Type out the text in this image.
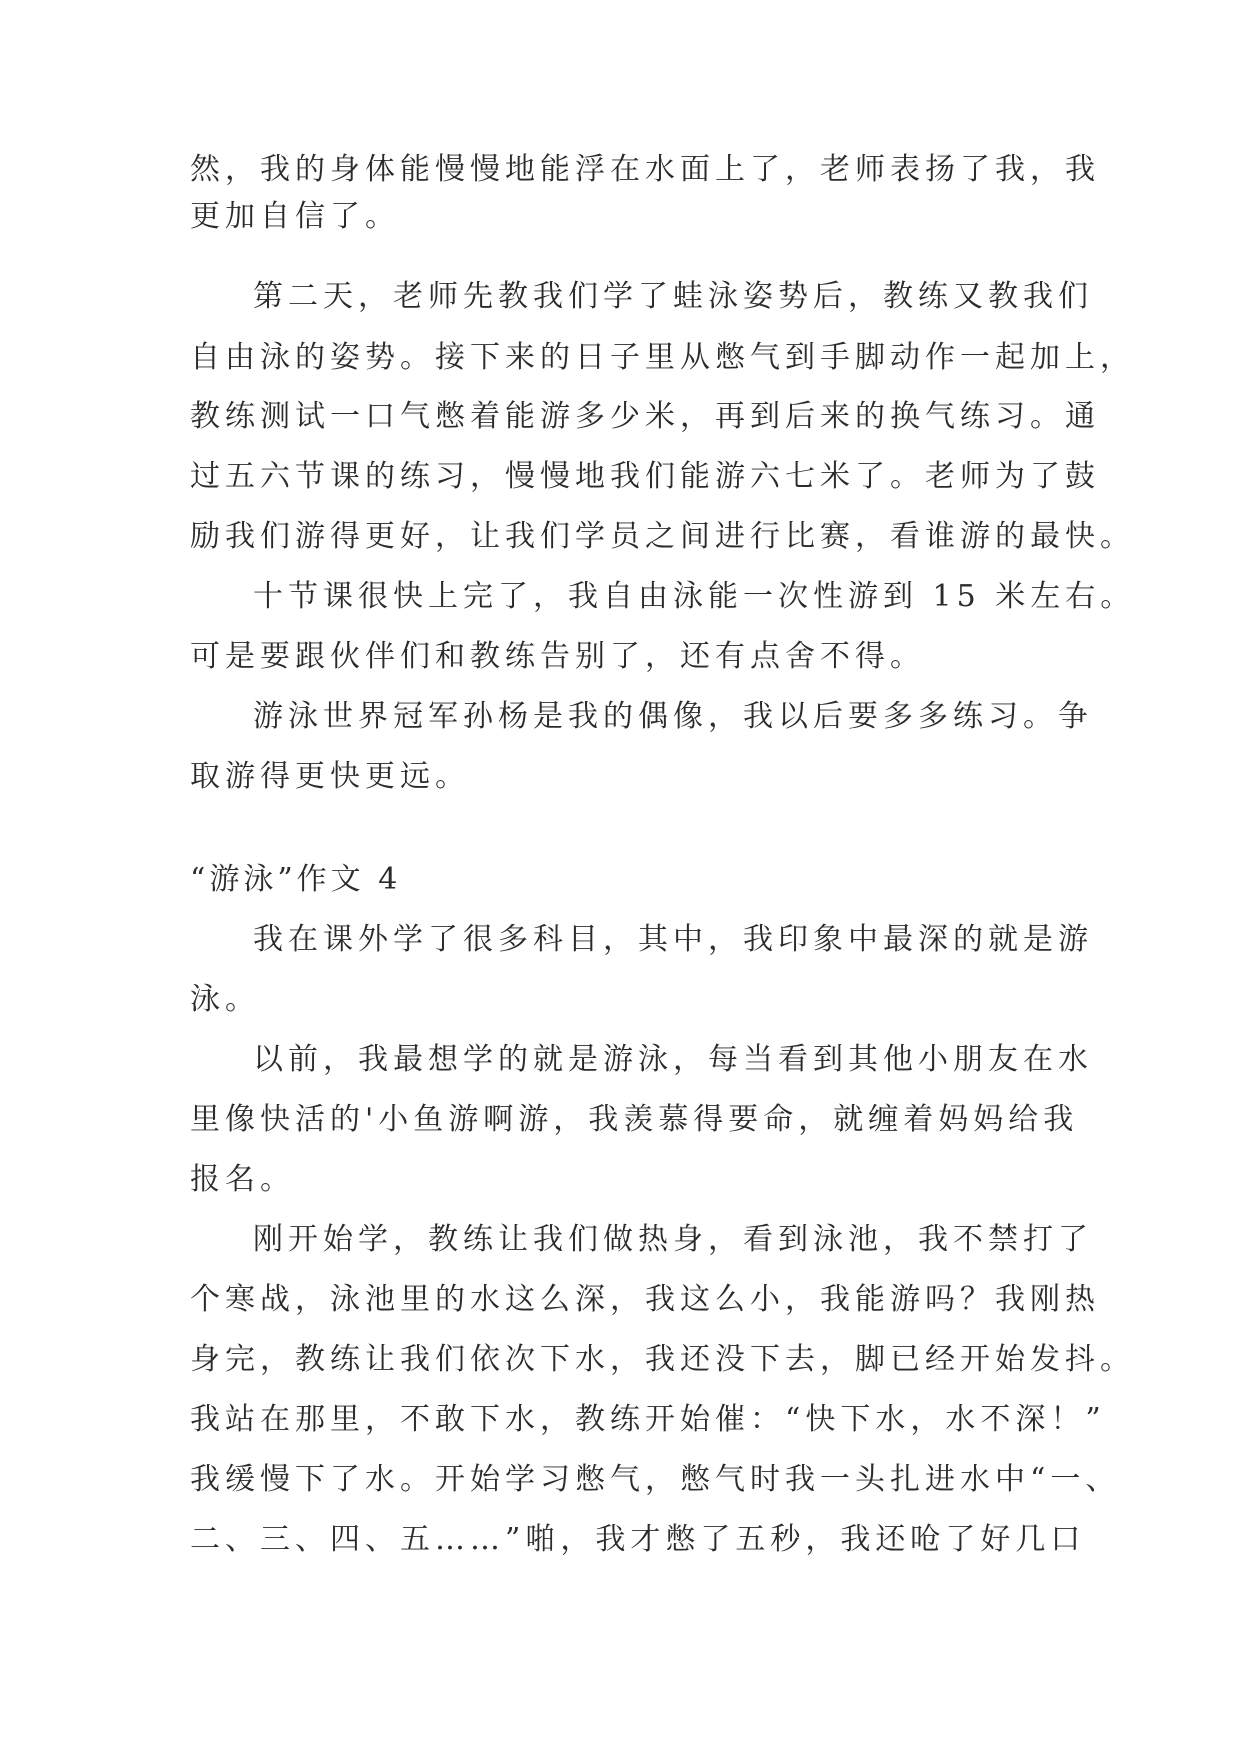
然，我的身体能慢慢地能浮在水面上了，老师表扬了我，我
更加自信了。
第二天，老师先教我们学了蛙泳姿势后，教练又教我们
自由泳的姿势。接下来的日子里从憋气到手脚动作一起加上，
教练测试一口气憋着能游多少米，再到后来的换气练习。通
过五六节课的练习，慢慢地我们能游六七米了。老师为了鼓
励我们游得更好，让我们学员之间进行比赛，看谁游的最快。
十节课很快上完了，我自由泳能一次性游到 15 米左右。
可是要跟伙伴们和教练告别了，还有点舍不得。
游泳世界冠军孙杨是我的偶像，我以后要多多练习。争
取游得更快更远。
“游泳”作文 4
我在课外学了很多科目，其中，我印象中最深的就是游
泳。
以前，我最想学的就是游泳，每当看到其他小朋友在水
里像快活的'小鱼游啊游，我羡慕得要命，就缠着妈妈给我
报名。
刚开始学，教练让我们做热身，看到泳池，我不禁打了
个寒战，泳池里的水这么深，我这么小，我能游吗？我刚热
身完，教练让我们依次下水，我还没下去，脚已经开始发抖。
我站在那里，不敢下水，教练开始催：“快下水，水不深！”
我缓慢下了水。开始学习憋气，憋气时我一头扎进水中“一、
二、三、四、五……”啪，我才憋了五秒，我还呛了好几口
